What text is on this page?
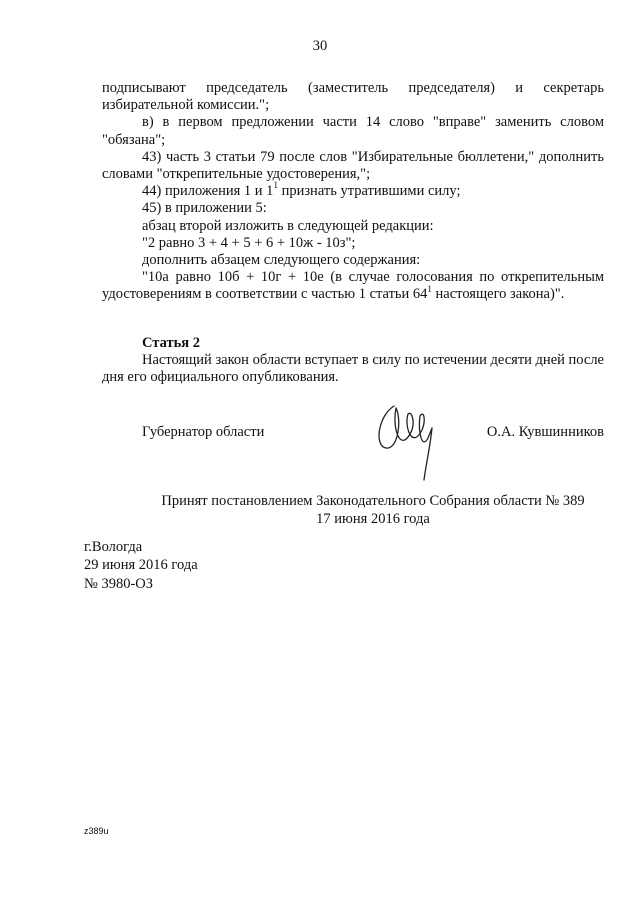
30
подписывают председатель (заместитель председателя) и секретарь избирательной комиссии.";
в) в первом предложении части 14 слово "вправе" заменить словом "обязана";
43) часть 3 статьи 79 после слов "Избирательные бюллетени," дополнить словами "открепительные удостоверения,";
44) приложения 1 и $1^1$ признать утратившими силу;
45) в приложении 5:
абзац второй изложить в следующей редакции:
"2 равно 3 + 4 + 5 + 6 + 10ж - 10з";
дополнить абзацем следующего содержания:
"10а равно 10б + 10г + 10е (в случае голосования по открепительным удостоверениям в соответствии с частью 1 статьи $64^1$ настоящего закона)".
Статья 2
Настоящий закон области вступает в силу по истечении десяти дней после дня его официального опубликования.
Губернатор области	О.А. Кувшинников
Принят постановлением Законодательного Собрания области № 389
17 июня 2016 года
г.Вологда
29 июня 2016 года
№ 3980-ОЗ
z389u
